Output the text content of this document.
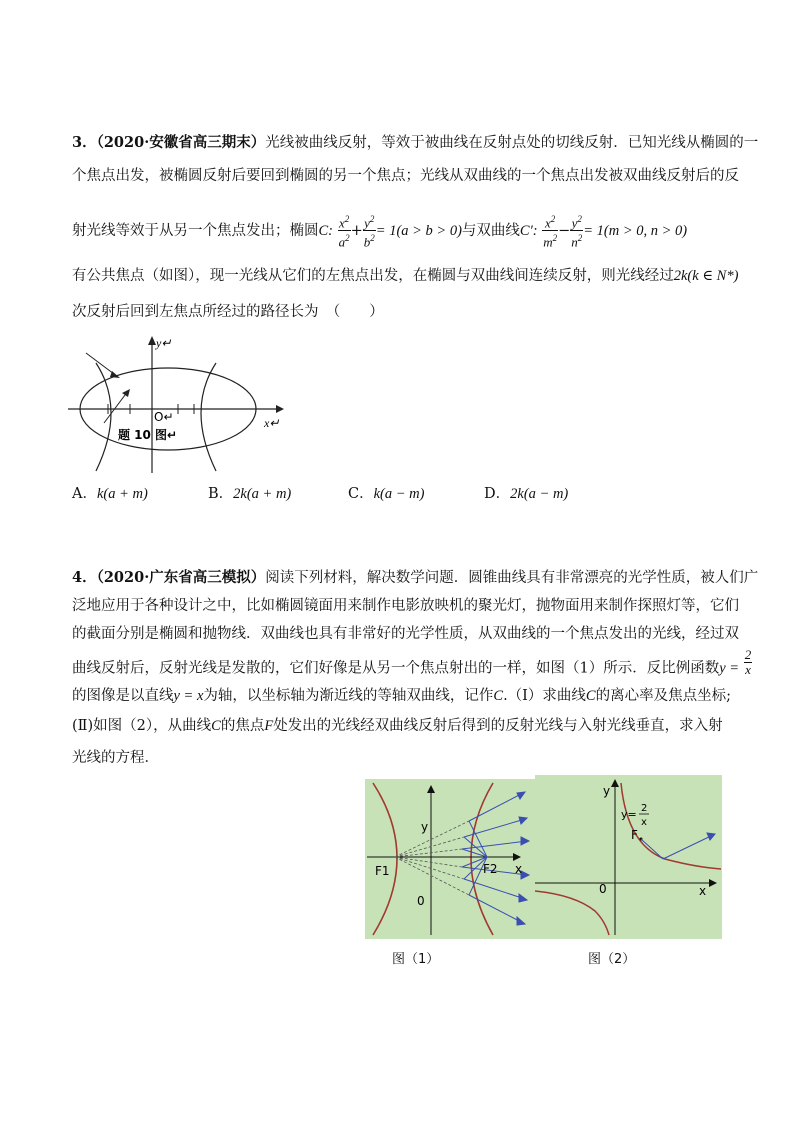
3．（2020·安徽省高三期末）光线被曲线反射，等效于被曲线在反射点处的切线反射．已知光线从椭圆的一
个焦点出发，被椭圆反射后要回到椭圆的另一个焦点；光线从双曲线的一个焦点出发被双曲线反射后的反
射光线等效于从另一个焦点发出；椭圆C: $\frac{x^2}{a^2} + \frac{y^2}{b^2} = 1(a > b > 0)$与双曲线C′: $\frac{x^2}{m^2} - \frac{y^2}{n^2} = 1(m > 0$, n > 0)
有公共焦点（如图），现一光线从它们的左焦点出发，在椭圆与双曲线间连续反射，则光线经过2k(k ∈ N*)
次反射后回到左焦点所经过的路径长为　（　　）
y↵
x↵
O↵
题 10 图↵
A．k(a + m)	B．2k(a + m)	C．k(a − m)	D．2k(a − m)
4．（2020·广东省高三模拟）阅读下列材料，解决数学问题．圆锥曲线具有非常漂亮的光学性质，被人们广
泛地应用于各种设计之中，比如椭圆镜面用来制作电影放映机的聚光灯，抛物面用来制作探照灯等，它们
的截面分别是椭圆和抛物线．双曲线也具有非常好的光学性质，从双曲线的一个焦点发出的光线，经过双
曲线反射后，反射光线是发散的，它们好像是从另一个焦点射出的一样，如图（1）所示．反比例函数$y = \frac{2}{x}$
的图像是以直线y = x为轴，以坐标轴为渐近线的等轴双曲线，记作C.（Ⅰ）求曲线C的离心率及焦点坐标;
(Ⅱ)如图（2），从曲线C的焦点F处发出的光线经双曲线反射后得到的反射光线与入射光线垂直，求入射
光线的方程．
y
x
0
F1	F2
图（1）
y
x
0
F
y= 2
x
图（2）
